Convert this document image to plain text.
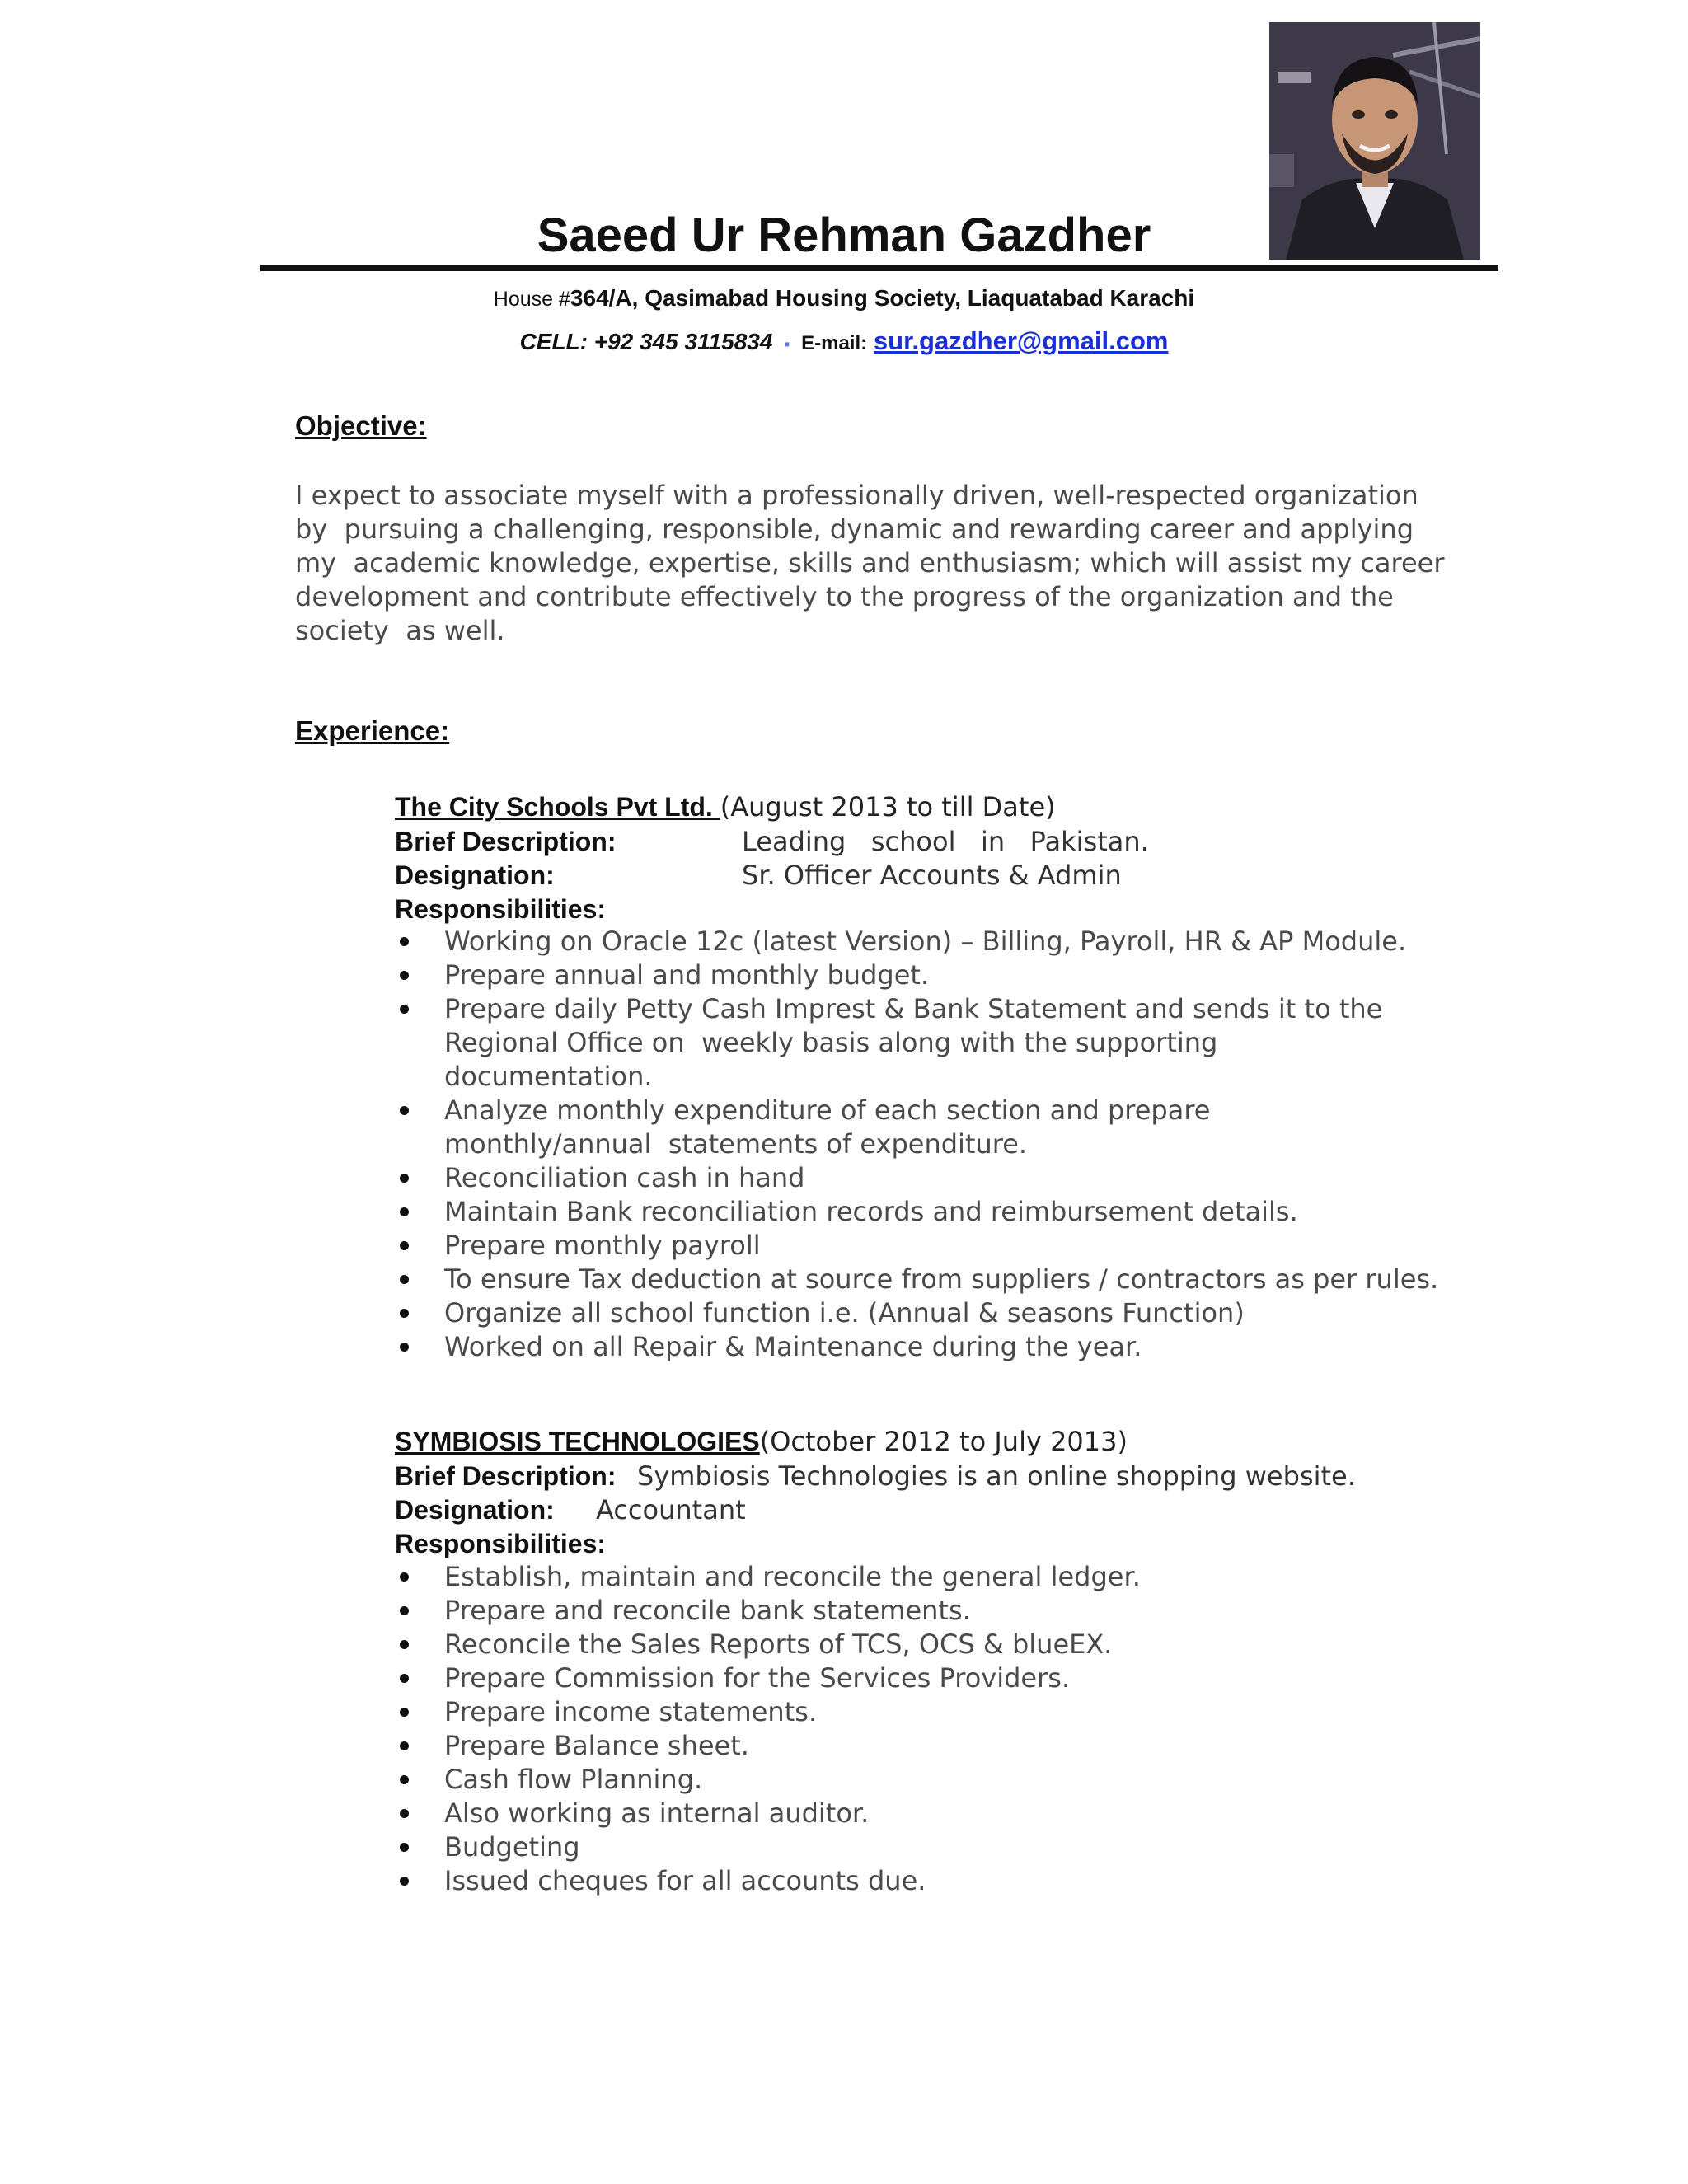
Saeed Ur Rehman Gazdher
House #364/A, Qasimabad Housing Society, Liaquatabad Karachi
CELL: +92 345 3115834 ▪ E-mail: sur.gazdher@gmail.com
Objective:
I expect to associate myself with a professionally driven, well-respected organization
by  pursuing a challenging, responsible, dynamic and rewarding career and applying
my  academic knowledge, expertise, skills and enthusiasm; which will assist my career
development and contribute effectively to the progress of the organization and the
society  as well.
Experience:
The City Schools Pvt Ltd. (August 2013 to till Date)
Brief Description:	Leading   school   in   Pakistan.
Designation:	Sr. Officer Accounts & Admin
Responsibilities:
Working on Oracle 12c (latest Version) – Billing, Payroll, HR & AP Module.
Prepare annual and monthly budget.
Prepare daily Petty Cash Imprest & Bank Statement and sends it to the
Regional Office on  weekly basis along with the supporting
documentation.
Analyze monthly expenditure of each section and prepare
monthly/annual  statements of expenditure.
Reconciliation cash in hand
Maintain Bank reconciliation records and reimbursement details.
Prepare monthly payroll
To ensure Tax deduction at source from suppliers / contractors as per rules.
Organize all school function i.e. (Annual & seasons Function)
Worked on all Repair & Maintenance during the year.
SYMBIOSIS TECHNOLOGIES(October 2012 to July 2013)
Brief Description: Symbiosis Technologies is an online shopping website.
Designation: Accountant
Responsibilities:
Establish, maintain and reconcile the general ledger.
Prepare and reconcile bank statements.
Reconcile the Sales Reports of TCS, OCS & blueEX.
Prepare Commission for the Services Providers.
Prepare income statements.
Prepare Balance sheet.
Cash flow Planning.
Also working as internal auditor.
Budgeting
Issued cheques for all accounts due.
